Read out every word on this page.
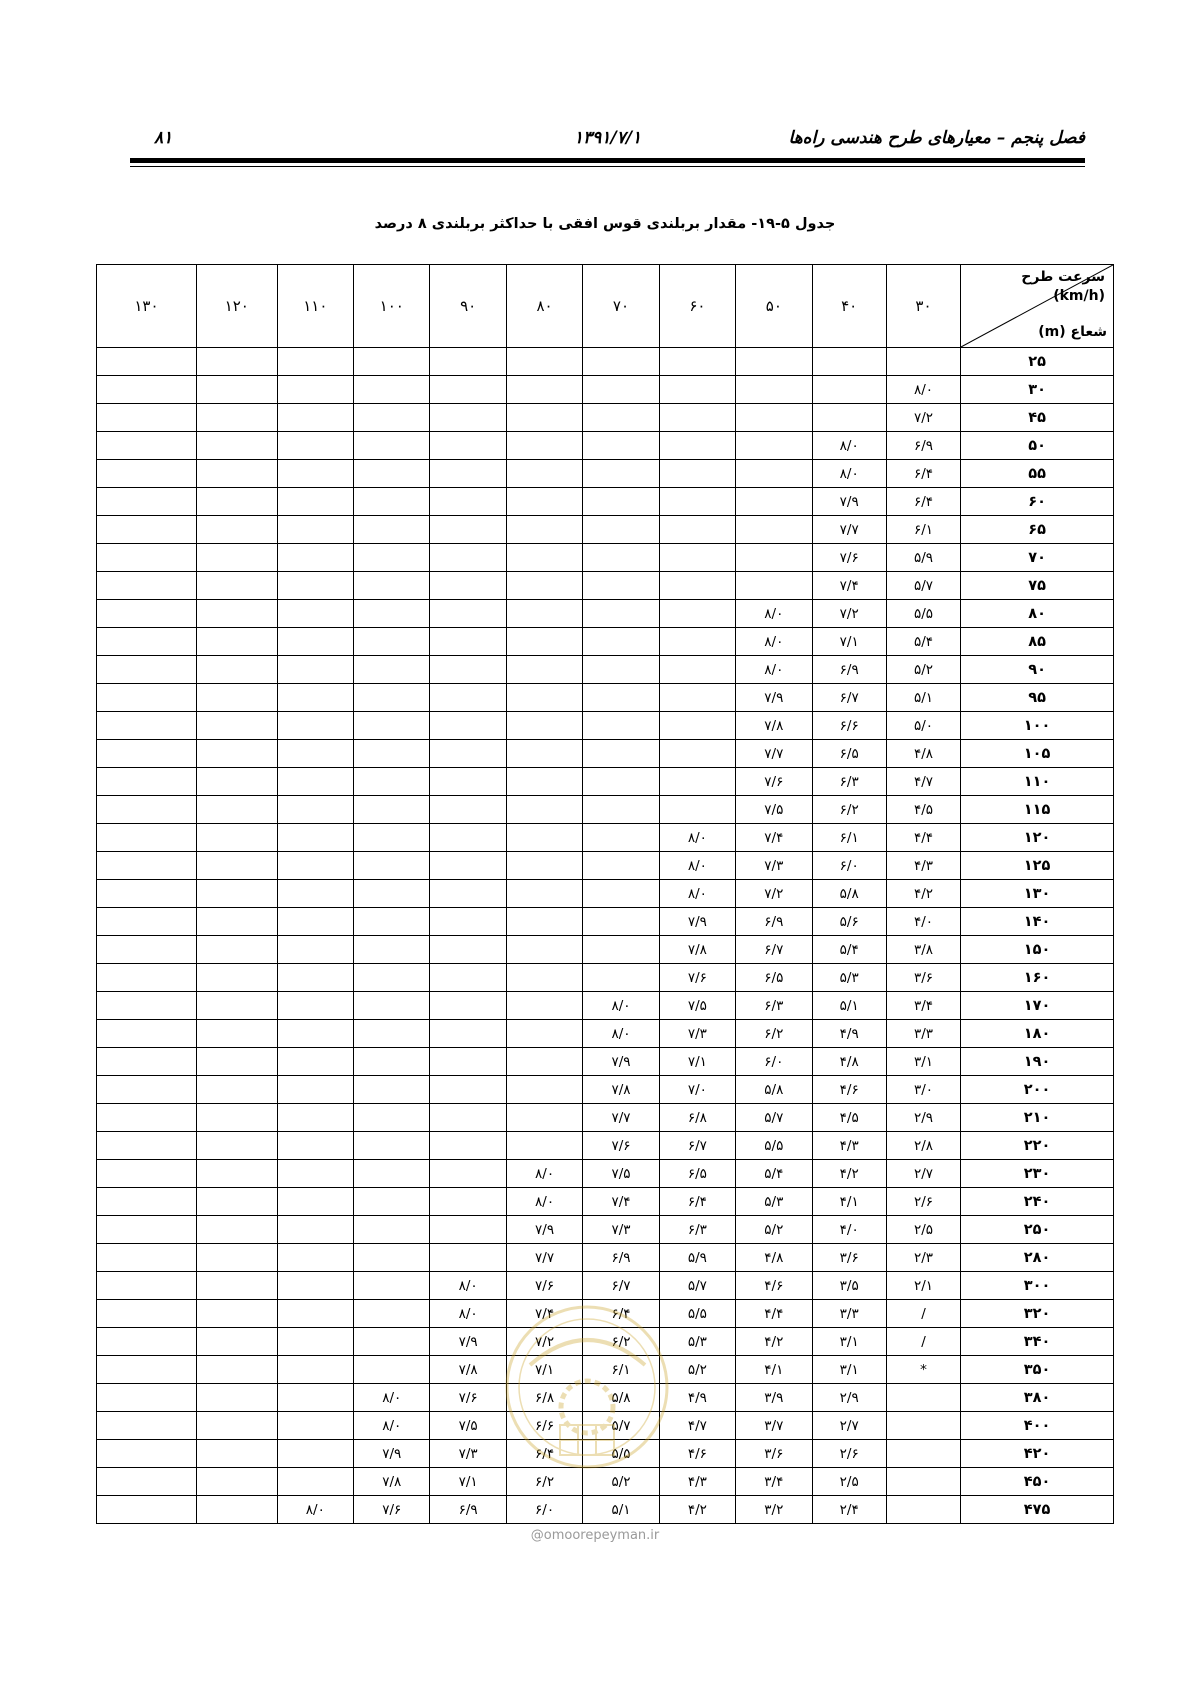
فصل پنجم – معیارهای طرح هندسی راه‌ها
۱۳۹۱/۷/۱
۸۱
جدول ۵-۱۹- مقدار بربلندی قوس افقی با حداکثر بربلندی ۸ درصد
سرعت طرح
(km/h)
شعاع (m)	۳۰	۴۰	۵۰	۶۰	۷۰	۸۰	۹۰	۱۰۰	۱۱۰	۱۲۰	۱۳۰
۲۵											
۳۰	۸/۰										
۴۵	۷/۲										
۵۰	۶/۹	۸/۰									
۵۵	۶/۴	۸/۰									
۶۰	۶/۴	۷/۹									
۶۵	۶/۱	۷/۷									
۷۰	۵/۹	۷/۶									
۷۵	۵/۷	۷/۴									
۸۰	۵/۵	۷/۲	۸/۰								
۸۵	۵/۴	۷/۱	۸/۰								
۹۰	۵/۲	۶/۹	۸/۰								
۹۵	۵/۱	۶/۷	۷/۹								
۱۰۰	۵/۰	۶/۶	۷/۸								
۱۰۵	۴/۸	۶/۵	۷/۷								
۱۱۰	۴/۷	۶/۳	۷/۶								
۱۱۵	۴/۵	۶/۲	۷/۵								
۱۲۰	۴/۴	۶/۱	۷/۴	۸/۰							
۱۲۵	۴/۳	۶/۰	۷/۳	۸/۰							
۱۳۰	۴/۲	۵/۸	۷/۲	۸/۰							
۱۴۰	۴/۰	۵/۶	۶/۹	۷/۹							
۱۵۰	۳/۸	۵/۴	۶/۷	۷/۸							
۱۶۰	۳/۶	۵/۳	۶/۵	۷/۶							
۱۷۰	۳/۴	۵/۱	۶/۳	۷/۵	۸/۰						
۱۸۰	۳/۳	۴/۹	۶/۲	۷/۳	۸/۰						
۱۹۰	۳/۱	۴/۸	۶/۰	۷/۱	۷/۹						
۲۰۰	۳/۰	۴/۶	۵/۸	۷/۰	۷/۸						
۲۱۰	۲/۹	۴/۵	۵/۷	۶/۸	۷/۷						
۲۲۰	۲/۸	۴/۳	۵/۵	۶/۷	۷/۶						
۲۳۰	۲/۷	۴/۲	۵/۴	۶/۵	۷/۵	۸/۰					
۲۴۰	۲/۶	۴/۱	۵/۳	۶/۴	۷/۴	۸/۰					
۲۵۰	۲/۵	۴/۰	۵/۲	۶/۳	۷/۳	۷/۹					
۲۸۰	۲/۳	۳/۶	۴/۸	۵/۹	۶/۹	۷/۷					
۳۰۰	۲/۱	۳/۵	۴/۶	۵/۷	۶/۷	۷/۶	۸/۰				
۳۲۰	/	۳/۳	۴/۴	۵/۵	۶/۴	۷/۴	۸/۰				
۳۴۰	/	۳/۱	۴/۲	۵/۳	۶/۲	۷/۲	۷/۹				
۳۵۰	*	۳/۱	۴/۱	۵/۲	۶/۱	۷/۱	۷/۸				
۳۸۰		۲/۹	۳/۹	۴/۹	۵/۸	۶/۸	۷/۶	۸/۰			
۴۰۰		۲/۷	۳/۷	۴/۷	۵/۷	۶/۶	۷/۵	۸/۰			
۴۲۰		۲/۶	۳/۶	۴/۶	۵/۵	۶/۴	۷/۳	۷/۹			
۴۵۰		۲/۵	۳/۴	۴/۳	۵/۲	۶/۲	۷/۱	۷/۸			
۴۷۵		۲/۴	۳/۲	۴/۲	۵/۱	۶/۰	۶/۹	۷/۶	۸/۰		
@omoorepeyman.ir
